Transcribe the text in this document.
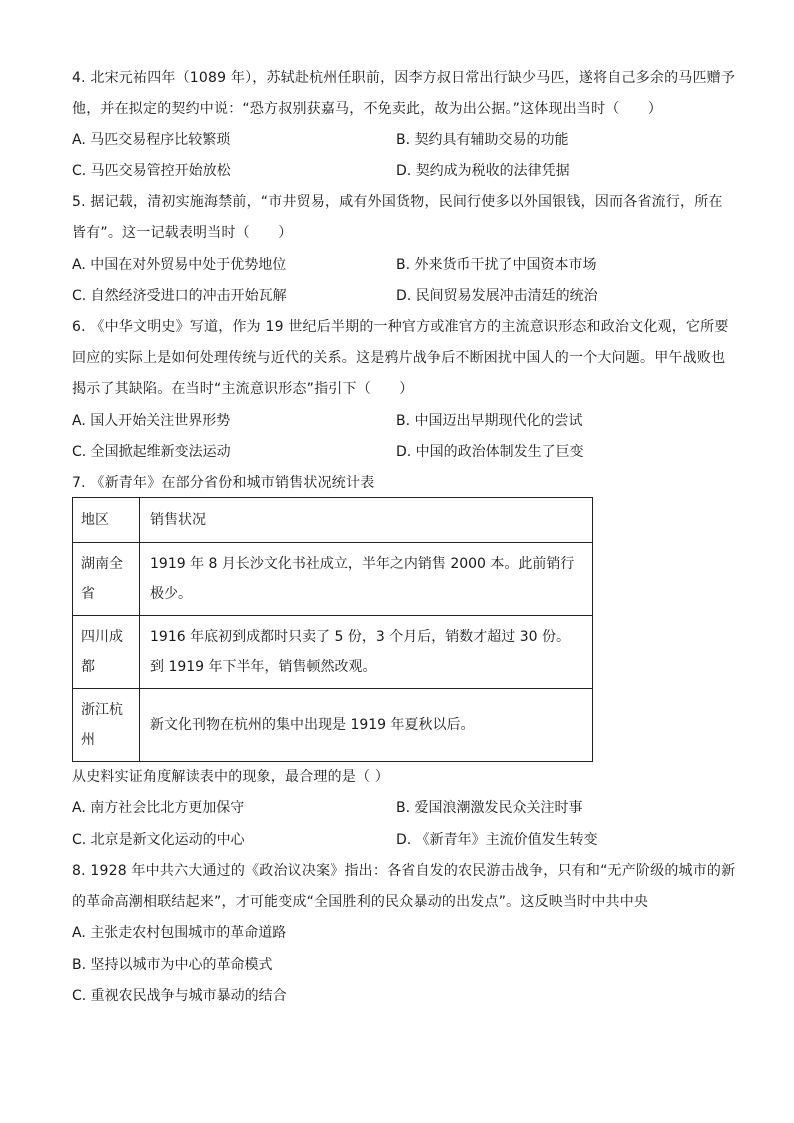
4. 北宋元祐四年（1089 年），苏轼赴杭州任职前，因李方叔日常出行缺少马匹，遂将自己多余的马匹赠予
他，并在拟定的契约中说：“恐方叔别获嘉马，不免卖此，故为出公据。”这体现出当时（　　）
A. 马匹交易程序比较繁琐	B. 契约具有辅助交易的功能
C. 马匹交易管控开始放松	D. 契约成为税收的法律凭据
5. 据记载，清初实施海禁前，“市井贸易，咸有外国货物，民间行使多以外国银钱，因而各省流行，所在
皆有”。这一记载表明当时（　　）
A. 中国在对外贸易中处于优势地位	B. 外来货币干扰了中国资本市场
C. 自然经济受进口的冲击开始瓦解	D. 民间贸易发展冲击清廷的统治
6. 《中华文明史》写道，作为 19 世纪后半期的一种官方或准官方的主流意识形态和政治文化观，它所要
回应的实际上是如何处理传统与近代的关系。这是鸦片战争后不断困扰中国人的一个大问题。甲午战败也
揭示了其缺陷。在当时“主流意识形态”指引下（　　）
A. 国人开始关注世界形势	B. 中国迈出早期现代化的尝试
C. 全国掀起维新变法运动	D. 中国的政治体制发生了巨变
7. 《新青年》在部分省份和城市销售状况统计表
地区	销售状况
湖南全省	1919 年 8 月长沙文化书社成立，半年之内销售 2000 本。此前销行极少。
四川成都	1916 年底初到成都时只卖了 5 份，3 个月后，销数才超过 30 份。到 1919 年下半年，销售顿然改观。
浙江杭州	新文化刊物在杭州的集中出现是 1919 年夏秋以后。
从史料实证角度解读表中的现象，最合理的是（ ）
A. 南方社会比北方更加保守	B. 爱国浪潮激发民众关注时事
C. 北京是新文化运动的中心	D. 《新青年》主流价值发生转变
8. 1928 年中共六大通过的《政治议决案》指出：各省自发的农民游击战争，只有和“无产阶级的城市的新
的革命高潮相联结起来”，才可能变成“全国胜利的民众暴动的出发点”。这反映当时中共中央
A. 主张走农村包围城市的革命道路
B. 坚持以城市为中心的革命模式
C. 重视农民战争与城市暴动的结合
